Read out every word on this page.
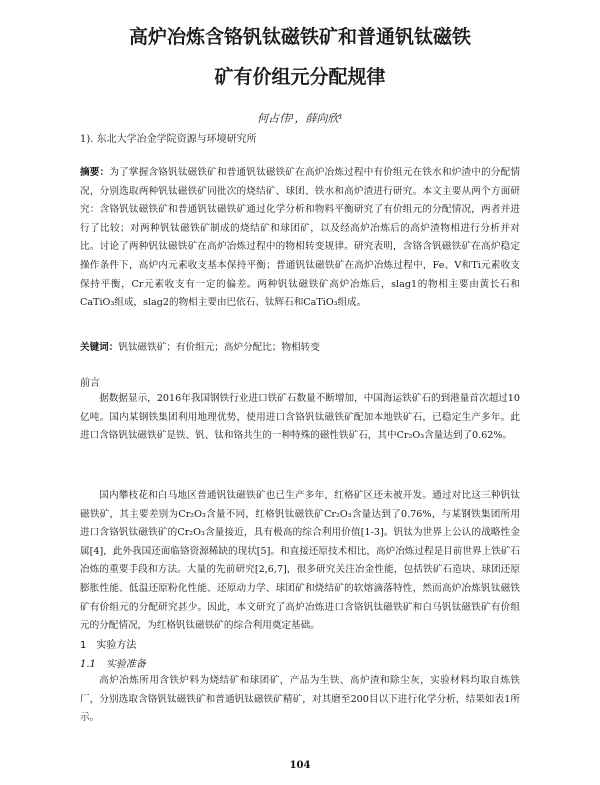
高炉冶炼含铬钒钛磁铁矿和普通钒钛磁铁
矿有价组元分配规律
何占伟¹，薛向欣¹
1). 东北大学冶金学院资源与环境研究所
摘要：为了掌握含铬钒钛磁铁矿和普通钒钛磁铁矿在高炉冶炼过程中有价组元在铁水和炉渣中的分配情况，分别选取两种钒钛磁铁矿同批次的烧结矿、球团、铁水和高炉渣进行研究。本文主要从两个方面研究：含铬钒钛磁铁矿和普通钒钛磁铁矿通过化学分析和物料平衡研究了有价组元的分配情况，两者并进行了比较；对两种钒钛磁铁矿制成的烧结矿和球团矿，以及经高炉冶炼后的高炉渣物相进行分析并对比。讨论了两种钒钛磁铁矿在高炉冶炼过程中的物相转变规律。研究表明，含铬含钒磁铁矿在高炉稳定操作条件下，高炉内元素收支基本保持平衡；普通钒钛磁铁矿在高炉冶炼过程中，Fe、V和Ti元素收支保持平衡，Cr元素收支有一定的偏差。两种钒钛磁铁矿高炉冶炼后，slag1的物相主要由黄长石和CaTiO₃组成，slag2的物相主要由巴依石、钛辉石和CaTiO₃组成。
关键词：钒钛磁铁矿；有价组元；高炉分配比；物相转变
前言
据数据显示，2016年我国钢铁行业进口铁矿石数量不断增加，中国海运铁矿石的到港量首次超过10亿吨。国内某钢铁集团利用地理优势，使用进口含铬钒钛磁铁矿配加本地铁矿石，已稳定生产多年。此进口含铬钒钛磁铁矿是铁、钒、钛和铬共生的一种特殊的磁性铁矿石，其中Cr₂O₃含量达到了0.62%。
国内攀枝花和白马地区普通钒钛磁铁矿也已生产多年，红格矿区还未被开发。通过对比这三种钒钛磁铁矿，其主要差别为Cr₂O₃含量不同，红格钒钛磁铁矿Cr₂O₃含量达到了0.76%，与某钢铁集团所用进口含铬钒钛磁铁矿的Cr₂O₃含量接近，具有极高的综合利用价值[1-3]。钒钛为世界上公认的战略性金属[4]，此外我国还面临铬资源稀缺的现状[5]。和直接还原技术相比，高炉冶炼过程是目前世界上铁矿石冶炼的重要手段和方法。大量的先前研究[2,6,7]，很多研究关注冶金性能，包括铁矿石造块、球团还原膨胀性能、低温还原粉化性能、还原动力学、球团矿和烧结矿的软熔滴落特性，然而高炉冶炼钒钛磁铁矿有价组元的分配研究甚少。因此，本文研究了高炉冶炼进口含铬钒钛磁铁矿和白马钒钛磁铁矿有价组元的分配情况，为红格钒钛磁铁矿的综合利用奠定基础。
1　实验方法
1.1　实验准备
高炉冶炼所用含铁炉料为烧结矿和球团矿，产品为生铁、高炉渣和除尘灰，实验材料均取自炼铁厂，分别选取含铬钒钛磁铁矿和普通钒钛磁铁矿精矿，对其磨至200目以下进行化学分析，结果如表1所示。
104
